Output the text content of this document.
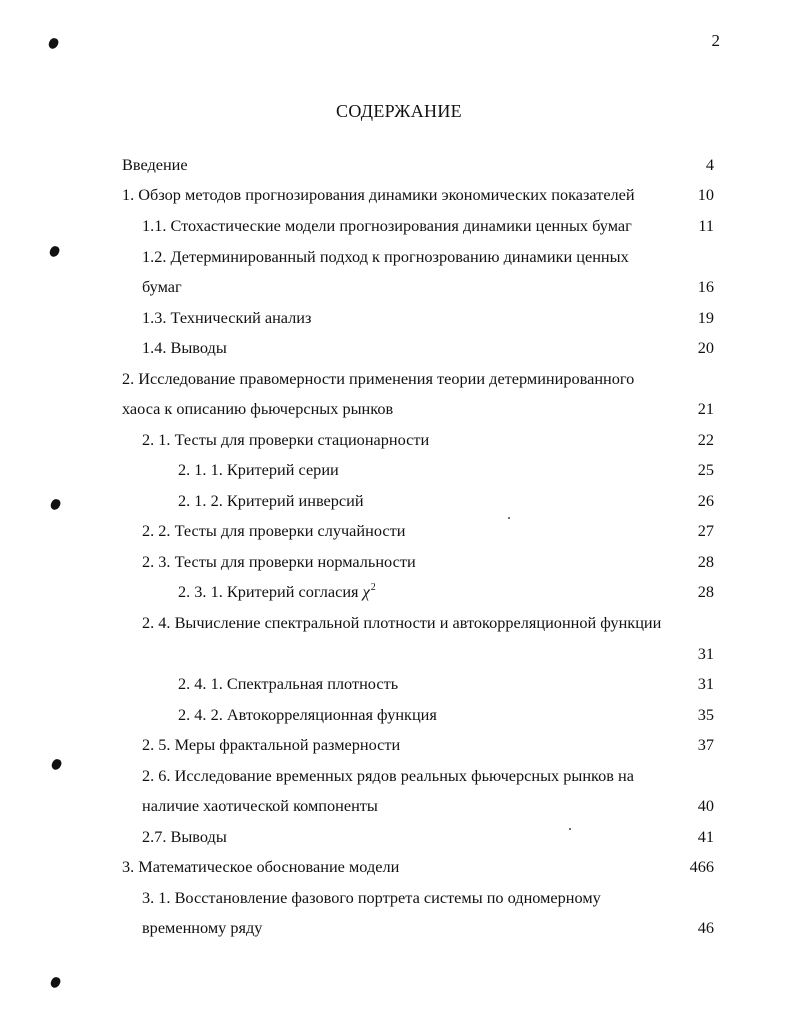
2
СОДЕРЖАНИЕ
Введение	4
1. Обзор методов прогнозирования динамики экономических показателей	10
1.1. Стохастические модели прогнозирования динамики ценных бумаг	11
1.2. Детерминированный подход к прогнозрованию динамики ценных
бумаг	16
1.3. Технический анализ	19
1.4. Выводы	20
2. Исследование правомерности применения теории детерминированного
хаоса к описанию фьючерсных рынков	21
2. 1. Тесты для проверки стационарности	22
2. 1. 1. Критерий серии	25
2. 1. 2. Критерий инверсий	26
2. 2. Тесты для проверки случайности	27
2. 3. Тесты для проверки нормальности	28
2. 3. 1. Критерий согласия $\chi^2$	28
2. 4. Вычисление спектральной плотности и автокорреляционной функции
31
2. 4. 1. Спектральная плотность	31
2. 4. 2. Автокорреляционная функция	35
2. 5. Меры фрактальной размерности	37
2. 6. Исследование временных рядов реальных фьючерсных рынков на
наличие хаотической компоненты	40
2.7. Выводы	41
3. Математическое обоснование модели	466
3. 1. Восстановление фазового портрета системы по одномерному
временному ряду	46
